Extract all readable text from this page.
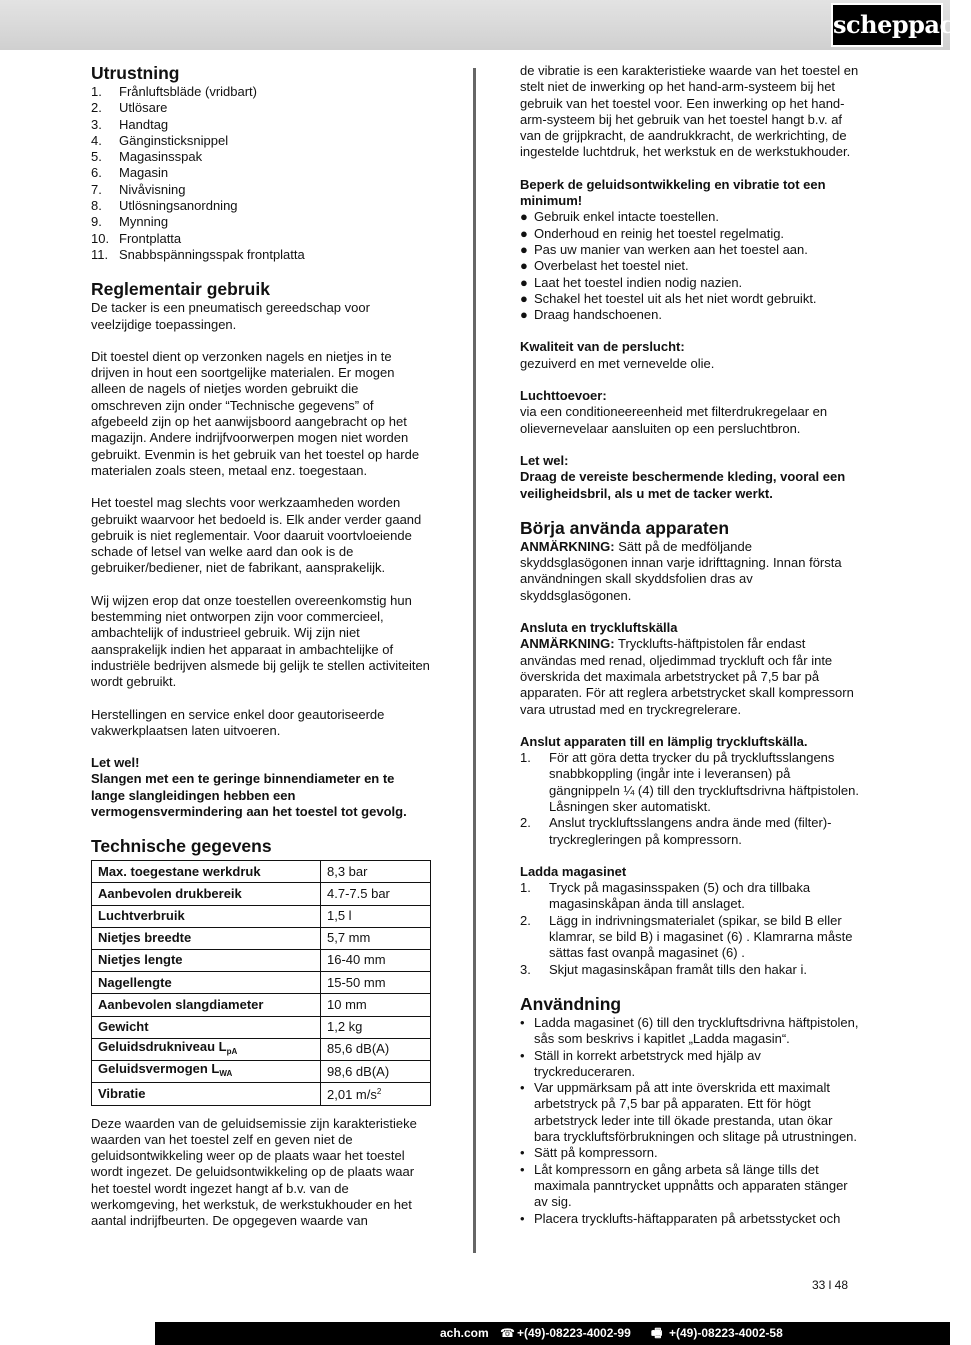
scheppach
Utrustning
1.	Frånluftsbläde (vridbart)
2.	Utlösare
3.	Handtag
4.	Gänginsticksnippel
5.	Magasinsspak
6.	Magasin
7.	Nivåvisning
8.	Utlösningsanordning
9.	Mynning
10. Frontplatta
11. Snabbspänningsspak frontplatta
Reglementair gebruik

De tacker is een pneumatisch gereedschap voor veelzijdige toepassingen.

Dit toestel dient op verzonken nagels en nietjes in te drijven in hout een soortgelijke materialen. Er mogen alleen de nagels of nietjes worden gebruikt die omschreven zijn onder “Technische gegevens” of afgebeeld zijn op het aanwijsboord aangebracht op het magazijn. Andere indrijfvoorwerpen mogen niet worden gebruikt. Evenmin is het gebruik van het toestel op harde materialen zoals steen, metaal enz. toegestaan.

Het toestel mag slechts voor werkzaamheden worden gebruikt waarvoor het bedoeld is. Elk ander verder gaand gebruik is niet reglementair. Voor daaruit voortvloeiende schade of letsel van welke aard dan ook is de gebruiker/bediener, niet de fabrikant, aansprakelijk.

Wij wijzen erop dat onze toestellen overeenkomstig hun bestemming niet ontworpen zijn voor commercieel, ambachtelijk of industrieel gebruik. Wij zijn niet aansprakelijk indien het apparaat in ambachtelijke of industriële bedrijven alsmede bij gelijk te stellen activiteiten wordt gebruikt.

Herstellingen en service enkel door geautoriseerde vakwerkplaatsen laten uitvoeren.

Let wel!

Slangen met een te geringe binnendiameter en te lange slangleidingen hebben een vermogensvermindering aan het toestel tot gevolg.

Technische gegevens
Max. toegestane werkdruk	8,3 bar
Aanbevolen drukbereik	4.7-7.5 bar
Luchtverbruik	1,5 l
Nietjes breedte	5,7 mm
Nietjes lengte	16-40 mm
Nagellengte	15-50 mm
Aanbevolen slangdiameter	10 mm
Gewicht	1,2 kg
Geluidsdrukniveau $L_{pA}$	85,6 dB(A)
Geluidsvermogen $L_{WA}$	98,6 dB(A)
Vibratie	2,01 $m/s^2$

Deze waarden van de geluidsemissie zijn karakteristieke waarden van het toestel zelf en geven niet de geluidsontwikkeling weer op de plaats waar het toestel wordt ingezet. De geluidsontwikkeling op de plaats waar het toestel wordt ingezet hangt af b.v. van de werkomgeving, het werkstuk, de werkstukhouder en het aantal indrijfbeurten. De opgegeven waarde van

de vibratie is een karakteristieke waarde van het toestel en stelt niet de inwerking op het hand-arm-systeem bij het gebruik van het toestel voor. Een inwerking op het hand-arm-systeem bij het gebruik van het toestel hangt b.v. af van de grijpkracht, de aandrukkracht, de werkrichting, de ingestelde luchtdruk, het werkstuk en de werkstukhouder.

Beperk de geluidsontwikkeling en vibratie tot een minimum!

● Gebruik enkel intacte toestellen.
● Onderhoud en reinig het toestel regelmatig.
● Pas uw manier van werken aan het toestel aan.
● Overbelast het toestel niet.
● Laat het toestel indien nodig nazien.
● Schakel het toestel uit als het niet wordt gebruikt.
● Draag handschoenen.

Kwaliteit van de perslucht:

gezuiverd en met vernevelde olie.

Luchttoevoer:

via een conditioneereenheid met filterdrukregelaar en olievernevelaar aansluiten op een persluchtbron.

Let wel:

Draag de vereiste beschermende kleding, vooral een veiligheidsbril, als u met de tacker werkt.

Börja använda apparaten

ANMÄRKNING: Sätt på de medföljande skyddsglasögonen innan varje idrifttagning. Innan första användningen skall skyddsfolien dras av skyddsglasögonen.

Ansluta en tryckluftskälla

ANMÄRKNING: Trycklufts-häftpistolen får endast användas med renad, oljedimmad tryckluft och får inte överskrida det maximala arbetstrycket på 7,5 bar på apparaten. För att reglera arbetstrycket skall kompressorn vara utrustad med en tryckregrelerare.

Anslut apparaten till en lämplig tryckluftskälla.

1.	För att göra detta trycker du på tryckluftsslangens snabbkoppling (ingår inte i leveransen) på gängnippeln ¼ (4) till den tryckluftsdrivna häftpistolen. Låsningen sker automatiskt.
2.	Anslut tryckluftsslangens andra ände med (filter)-tryckregleringen på kompressorn.

Ladda magasinet

1.	Tryck på magasinsspaken (5) och dra tillbaka magasinskåpan ända till anslaget.
2.	Lägg in indrivningsmaterialet (spikar, se bild B eller klamrar, se bild B) i magasinet (6) . Klamrarna måste sättas fast ovanpå magasinet (6) .
3.	Skjut magasinskåpan framåt tills den hakar i.
Användning
• Ladda magasinet (6) till den tryckluftsdrivna häftpistolen, sås som beskrivs i kapitlet „Ladda magasin“.
• Ställ in korrekt arbetstryck med hjälp av tryckreduceraren.
• Var uppmärksam på att inte överskrida ett maximalt arbetstryck på 7,5 bar på apparaten. Ett för högt arbetstryck leder inte till ökade prestanda, utan ökar bara tryckluftsförbrukningen och slitage på utrustningen.
• Sätt på kompressorn.
• Låt kompressorn en gång arbeta så länge tills det maximala panntrycket uppnåtts och apparaten stänger av sig.
• Placera trycklufts-häftapparaten på arbetsstycket och
33 l 48
ach.com ☎ +(49)-08223-4002-99 🖷 +(49)-08223-4002-58
